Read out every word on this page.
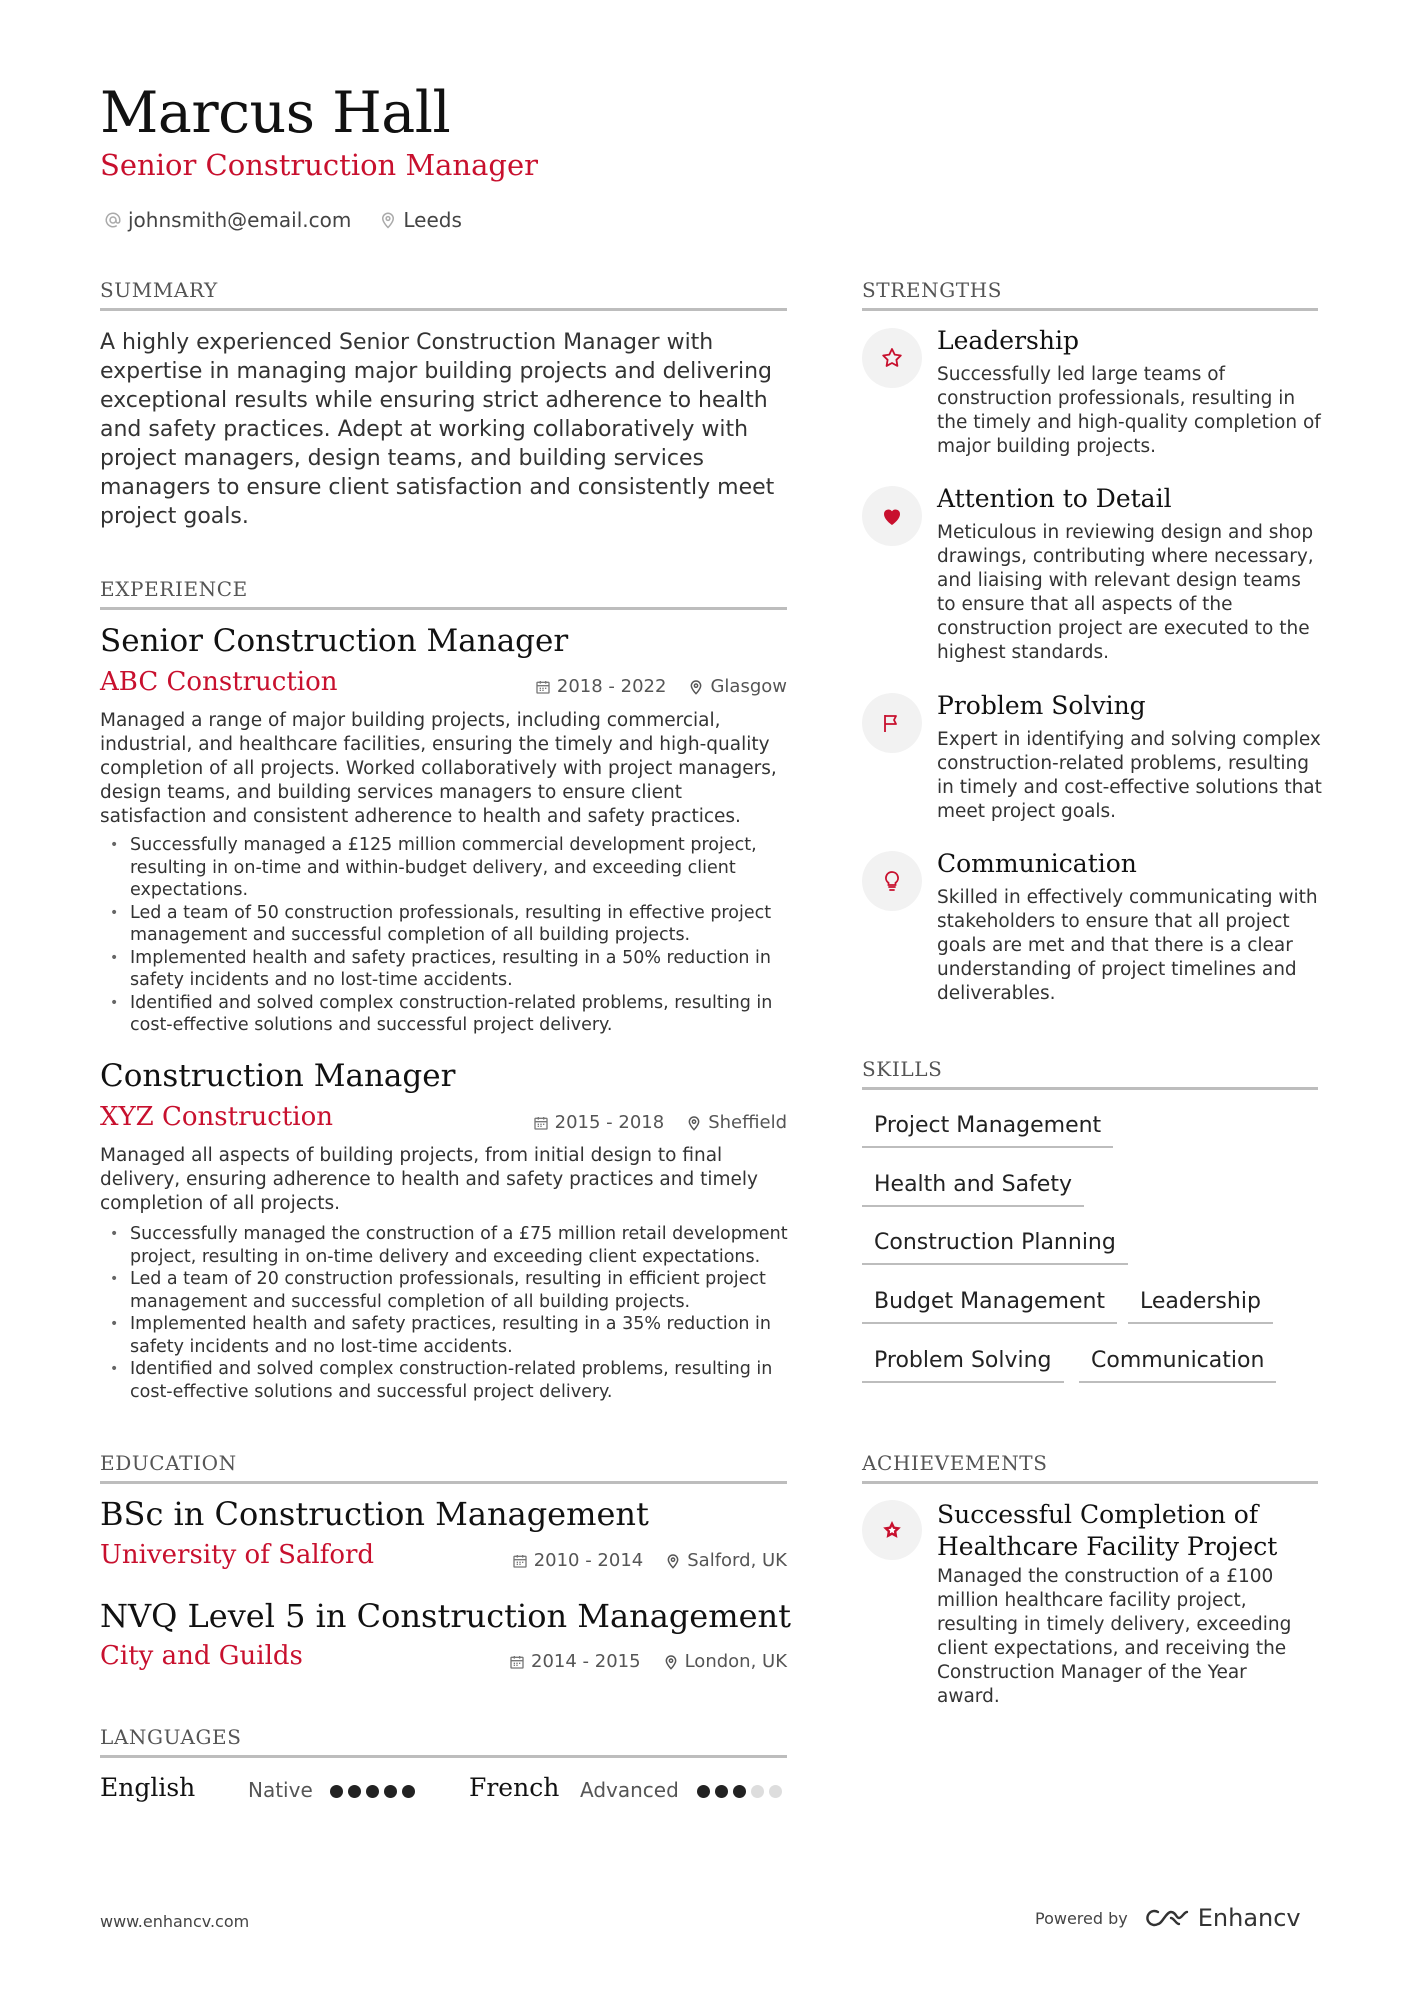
Marcus Hall
Senior Construction Manager
johnsmith@email.com	Leeds
SUMMARY
A highly experienced Senior Construction Manager with expertise in managing major building projects and delivering exceptional results while ensuring strict adherence to health and safety practices. Adept at working collaboratively with project managers, design teams, and building services managers to ensure client satisfaction and consistently meet project goals.
EXPERIENCE
Senior Construction Manager
ABC Construction	2018 - 2022 Glasgow
Managed a range of major building projects, including commercial, industrial, and healthcare facilities, ensuring the timely and high-quality completion of all projects. Worked collaboratively with project managers, design teams, and building services managers to ensure client satisfaction and consistent adherence to health and safety practices.
• Successfully managed a £125 million commercial development project, resulting in on-time and within-budget delivery, and exceeding client expectations.
• Led a team of 50 construction professionals, resulting in effective project management and successful completion of all building projects.
• Implemented health and safety practices, resulting in a 50% reduction in safety incidents and no lost-time accidents.
• Identified and solved complex construction-related problems, resulting in cost-effective solutions and successful project delivery.
Construction Manager
XYZ Construction	2015 - 2018 Sheffield
Managed all aspects of building projects, from initial design to final delivery, ensuring adherence to health and safety practices and timely completion of all projects.
• Successfully managed the construction of a £75 million retail development project, resulting in on-time delivery and exceeding client expectations.
• Led a team of 20 construction professionals, resulting in efficient project management and successful completion of all building projects.
• Implemented health and safety practices, resulting in a 35% reduction in safety incidents and no lost-time accidents.
• Identified and solved complex construction-related problems, resulting in cost-effective solutions and successful project delivery.
EDUCATION
BSc in Construction Management
University of Salford	2010 - 2014 Salford, UK
NVQ Level 5 in Construction Management
City and Guilds	2014 - 2015 London, UK
LANGUAGES
English	Native	French Advanced
STRENGTHS
Leadership
Successfully led large teams of construction professionals, resulting in the timely and high-quality completion of major building projects.
Attention to Detail
Meticulous in reviewing design and shop drawings, contributing where necessary, and liaising with relevant design teams to ensure that all aspects of the construction project are executed to the highest standards.
Problem Solving
Expert in identifying and solving complex construction-related problems, resulting in timely and cost-effective solutions that meet project goals.
Communication
Skilled in effectively communicating with stakeholders to ensure that all project goals are met and that there is a clear understanding of project timelines and deliverables.
SKILLS
Project Management
Health and Safety
Construction Planning
Budget Management	Leadership
Problem Solving	Communication
ACHIEVEMENTS
Successful Completion of Healthcare Facility Project
Managed the construction of a £100 million healthcare facility project, resulting in timely delivery, exceeding client expectations, and receiving the Construction Manager of the Year award.
www.enhancv.com	Powered by	Enhancv
